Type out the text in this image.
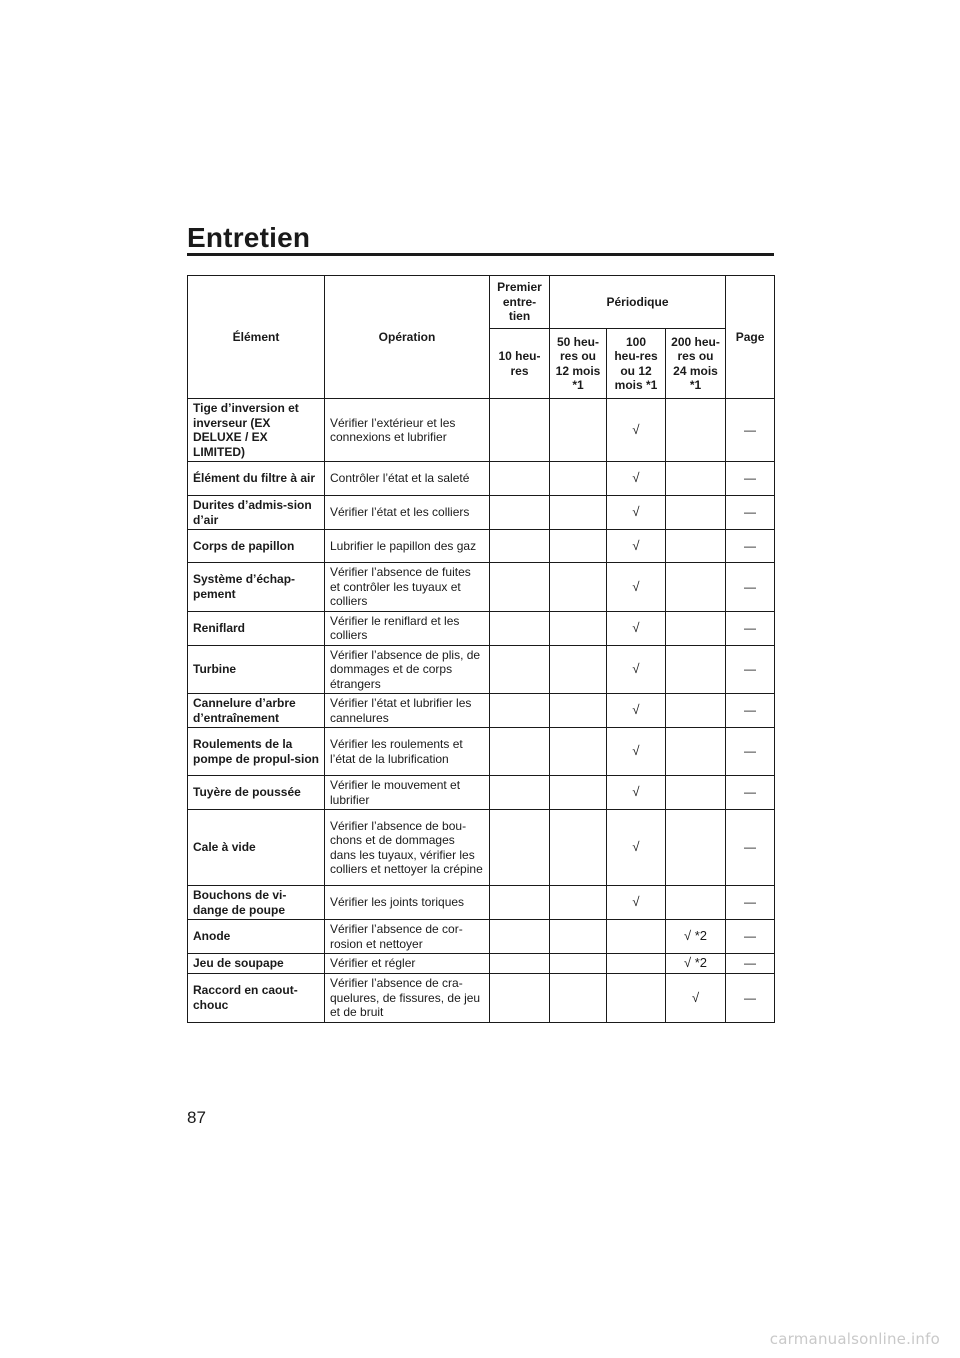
Entretien
Élément	Opération	Premier entre-tien	Périodique			Page
		10 heu-res	50 heu-res ou 12 mois *1	100 heu-res ou 12 mois *1	200 heu-res ou 24 mois *1	
Tige d’inversion et inverseur (EX DELUXE / EX LIMITED)	Vérifier l’extérieur et les connexions et lubrifier			√		—
Élément du filtre à air	Contrôler l’état et la saleté			√		—
Durites d’admis-sion d’air	Vérifier l’état et les colliers			√		—
Corps de papillon	Lubrifier le papillon des gaz			√		—
Système d’échap-pement	Vérifier l’absence de fuites et contrôler les tuyaux et colliers			√		—
Reniflard	Vérifier le reniflard et les colliers			√		—
Turbine	Vérifier l’absence de plis, de dommages et de corps étrangers			√		—
Cannelure d’arbre d’entraînement	Vérifier l’état et lubrifier les cannelures			√		—
Roulements de la pompe de propul-sion	Vérifier les roulements et l’état de la lubrification			√		—
Tuyère de poussée	Vérifier le mouvement et lubrifier			√		—
Cale à vide	Vérifier l’absence de bou-chons et de dommages dans les tuyaux, vérifier les colliers et nettoyer la crépine			√		—
Bouchons de vi-dange de poupe	Vérifier les joints toriques			√		—
Anode	Vérifier l’absence de cor-rosion et nettoyer				√ *2	—
Jeu de soupape	Vérifier et régler				√ *2	—
Raccord en caout-chouc	Vérifier l’absence de cra-quelures, de fissures, de jeu et de bruit				√	—
87
carmanualsonline.info
